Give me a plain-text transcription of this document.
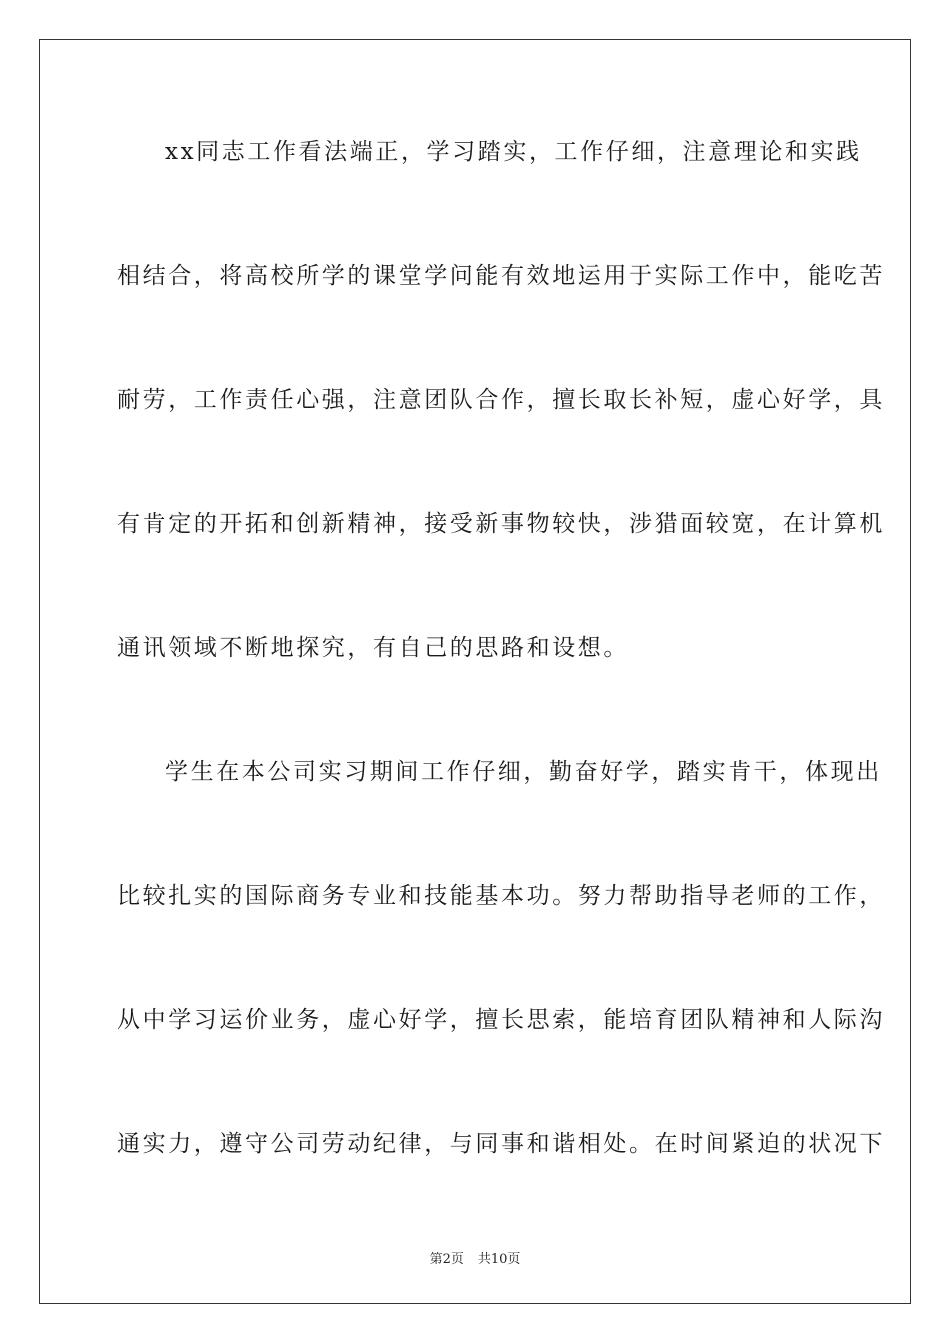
xx同志工作看法端正，学习踏实，工作仔细，注意理论和实践
相结合，将高校所学的课堂学问能有效地运用于实际工作中，能吃苦
耐劳，工作责任心强，注意团队合作，擅长取长补短，虚心好学，具
有肯定的开拓和创新精神，接受新事物较快，涉猎面较宽，在计算机
通讯领域不断地探究，有自己的思路和设想。
学生在本公司实习期间工作仔细，勤奋好学，踏实肯干，体现出
比较扎实的国际商务专业和技能基本功。努力帮助指导老师的工作，
从中学习运价业务，虚心好学，擅长思索，能培育团队精神和人际沟
通实力，遵守公司劳动纪律，与同事和谐相处。在时间紧迫的状况下
第2页 共10页
